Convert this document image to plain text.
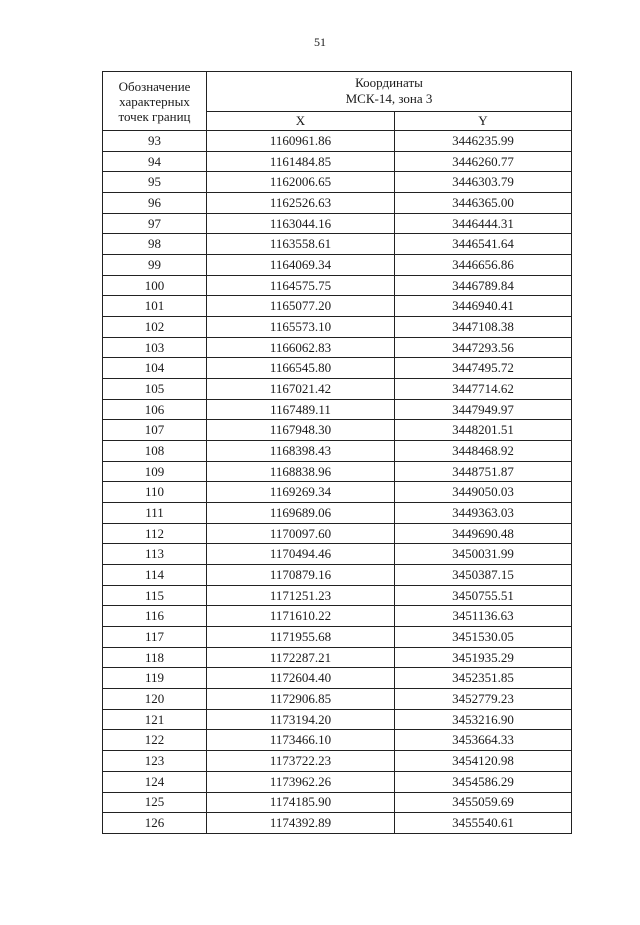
51
Обозначение
характерных
точек границ	Координаты
МСК-14, зона 3	
	X	Y
93	1160961.86	3446235.99
94	1161484.85	3446260.77
95	1162006.65	3446303.79
96	1162526.63	3446365.00
97	1163044.16	3446444.31
98	1163558.61	3446541.64
99	1164069.34	3446656.86
100	1164575.75	3446789.84
101	1165077.20	3446940.41
102	1165573.10	3447108.38
103	1166062.83	3447293.56
104	1166545.80	3447495.72
105	1167021.42	3447714.62
106	1167489.11	3447949.97
107	1167948.30	3448201.51
108	1168398.43	3448468.92
109	1168838.96	3448751.87
110	1169269.34	3449050.03
111	1169689.06	3449363.03
112	1170097.60	3449690.48
113	1170494.46	3450031.99
114	1170879.16	3450387.15
115	1171251.23	3450755.51
116	1171610.22	3451136.63
117	1171955.68	3451530.05
118	1172287.21	3451935.29
119	1172604.40	3452351.85
120	1172906.85	3452779.23
121	1173194.20	3453216.90
122	1173466.10	3453664.33
123	1173722.23	3454120.98
124	1173962.26	3454586.29
125	1174185.90	3455059.69
126	1174392.89	3455540.61
